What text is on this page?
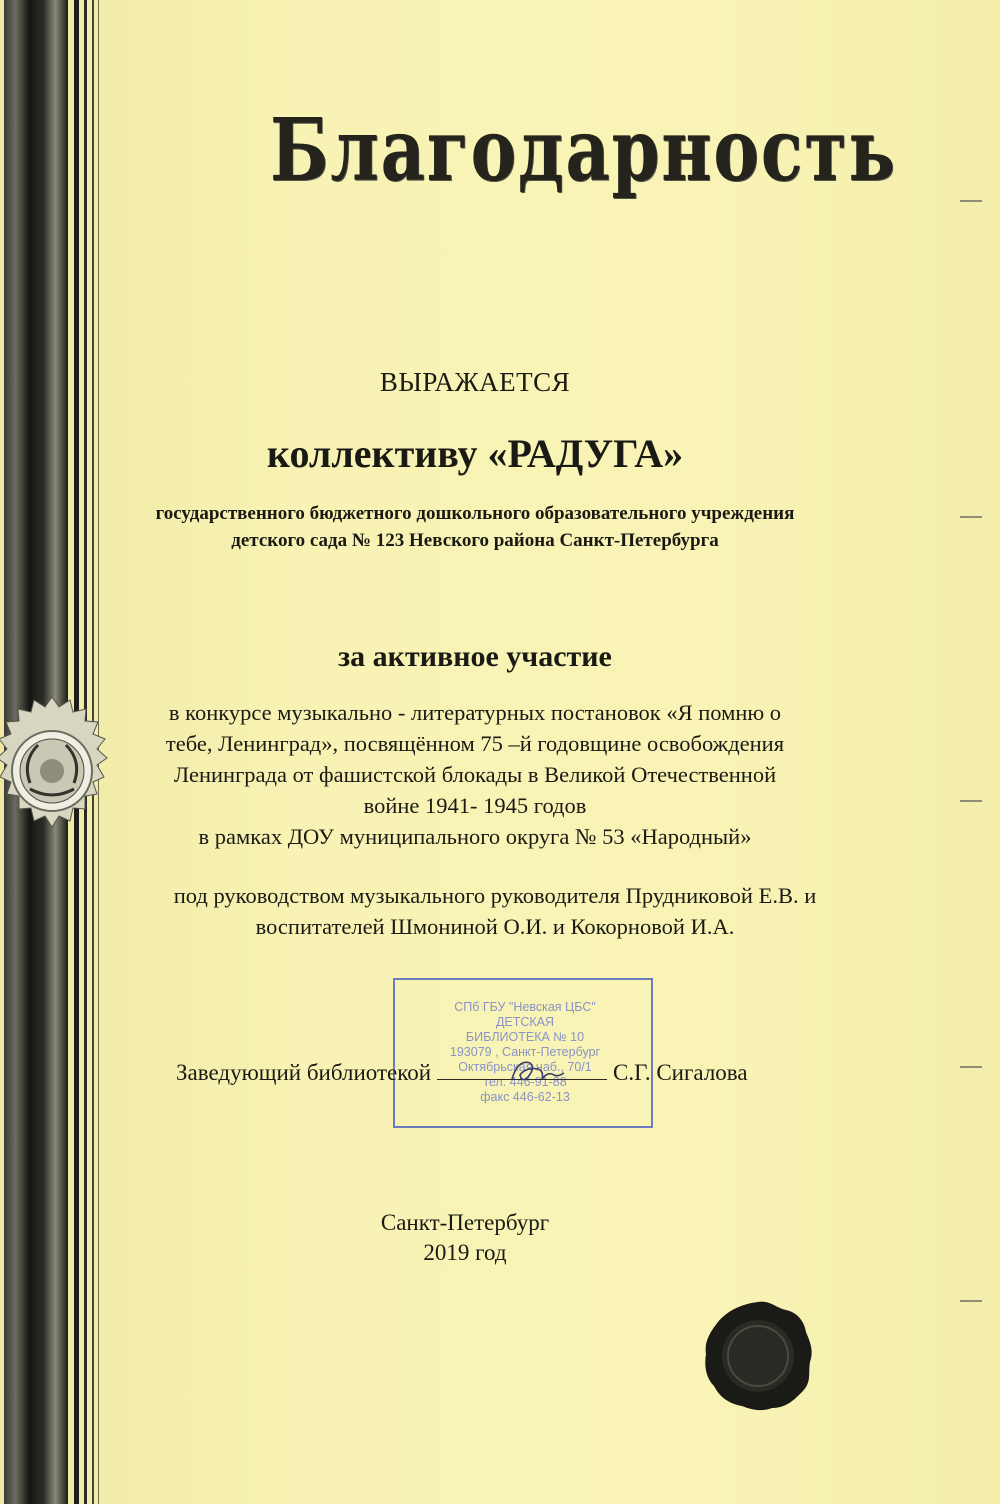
Благодарность
ВЫРАЖАЕТСЯ
коллективу «РАДУГА»
государственного бюджетного дошкольного образовательного учреждения
детского сада № 123 Невского района Санкт-Петербурга
за активное участие
в конкурсе музыкально - литературных постановок «Я помню о
тебе, Ленинград», посвящённом 75 –й годовщине освобождения
Ленинграда от фашистской блокады в Великой Отечественной
войне 1941- 1945 годов
в рамках ДОУ муниципального округа № 53 «Народный»
под руководством музыкального руководителя Прудниковой Е.В. и
воспитателей Шмониной О.И. и Кокорновой И.А.
СПб ГБУ "Невская ЦБС"
ДЕТСКАЯ
БИБЛИОТЕКА № 10
193079 , Санкт-Петербург
Октябрьская наб., 70/1
тел. 446-91-88
факс 446-62-13
Заведующий библиотекой	С.Г. Сигалова
Санкт-Петербург
2019 год
